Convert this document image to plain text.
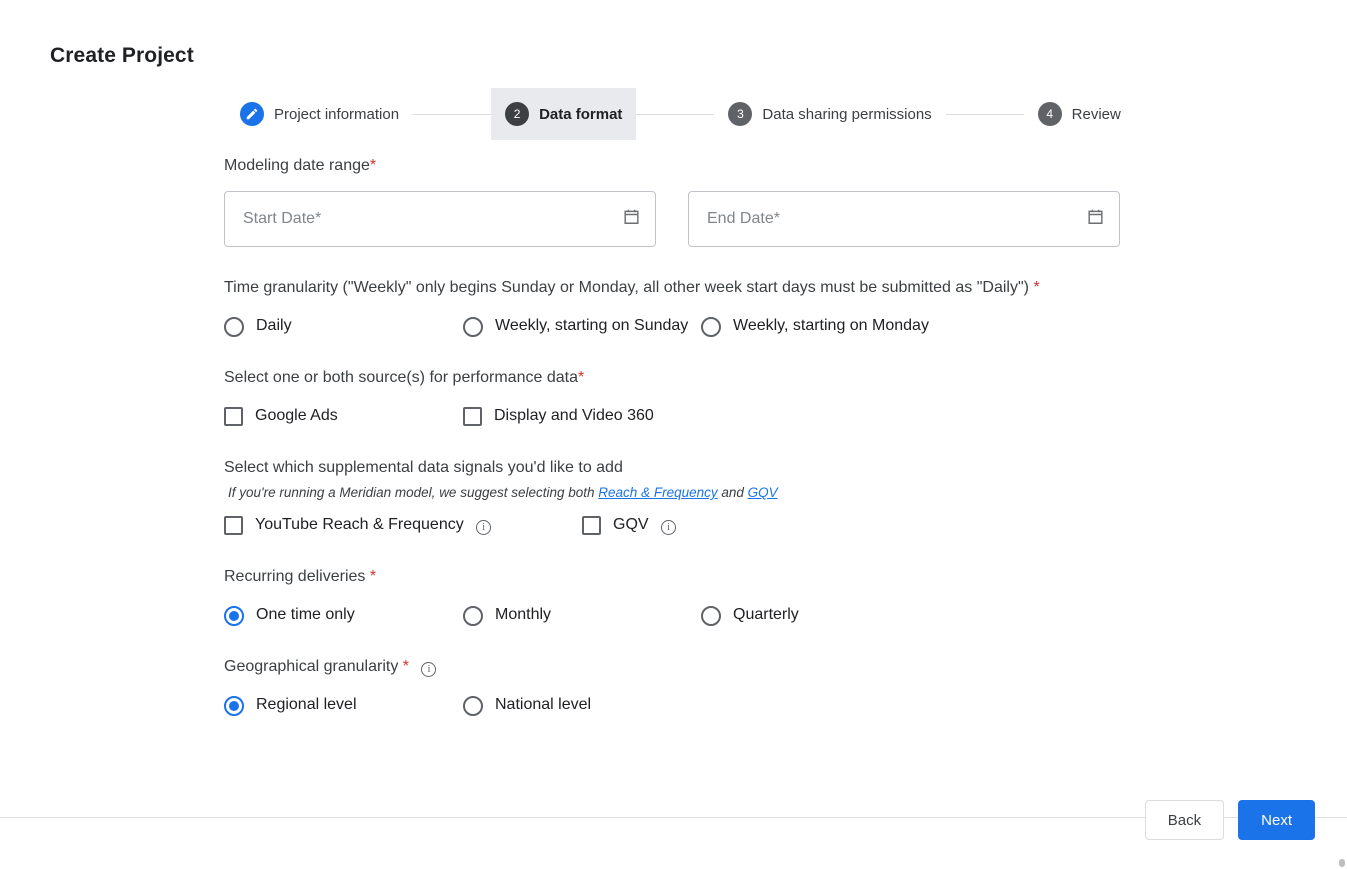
Create Project
Project information	2	Data format	3	Data sharing permissions	4	Review
Modeling date range*
Start Date*	End Date*
Time granularity ("Weekly" only begins Sunday or Monday, all other week start days must be submitted as "Daily") *
Daily	Weekly, starting on Sunday	Weekly, starting on Monday
Select one or both source(s) for performance data*
Google Ads	Display and Video 360
Select which supplemental data signals you'd like to add
If you're running a Meridian model, we suggest selecting both Reach & Frequency and GQV
YouTube Reach & Frequency i	GQV i
Recurring deliveries *
One time only	Monthly	Quarterly
Geographical granularity * i
Regional level	National level
Back	Next
